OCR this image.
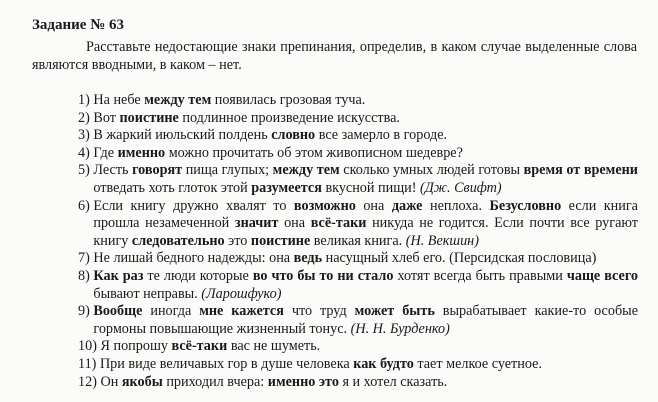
Задание № 63
Расставьте недостающие знаки препинания, определив, в каком случае выделенные слова являются вводными, в каком – нет.
1) На небе между тем появилась грозовая туча.
2) Вот поистине подлинное произведение искусства.
3) В жаркий июльский полдень словно все замерло в городе.
4) Где именно можно прочитать об этом живописном шедевре?
5) Лесть говорят пища глупых; между тем сколько умных людей готовы время от времени отведать хоть глоток этой разумеется вкусной пищи! (Дж. Свифт)
6) Если книгу дружно хвалят то возможно она даже неплоха. Безусловно если книга прошла незамеченной значит она всё-таки никуда не годится. Если почти все ругают книгу следовательно это поистине великая книга. (Н. Векшин)
7) Не лишай бедного надежды: она ведь насущный хлеб его. (Персидская пословица)
8) Как раз те люди которые во что бы то ни стало хотят всегда быть правыми чаще всего бывают неправы. (Ларошфуко)
9) Вообще иногда мне кажется что труд может быть вырабатывает какие-то особые гормоны повышающие жизненный тонус. (Н. Н. Бурденко)
10) Я попрошу всё-таки вас не шуметь.
11) При виде величавых гор в душе человека как будто тает мелкое суетное.
12) Он якобы приходил вчера: именно это я и хотел сказать.
